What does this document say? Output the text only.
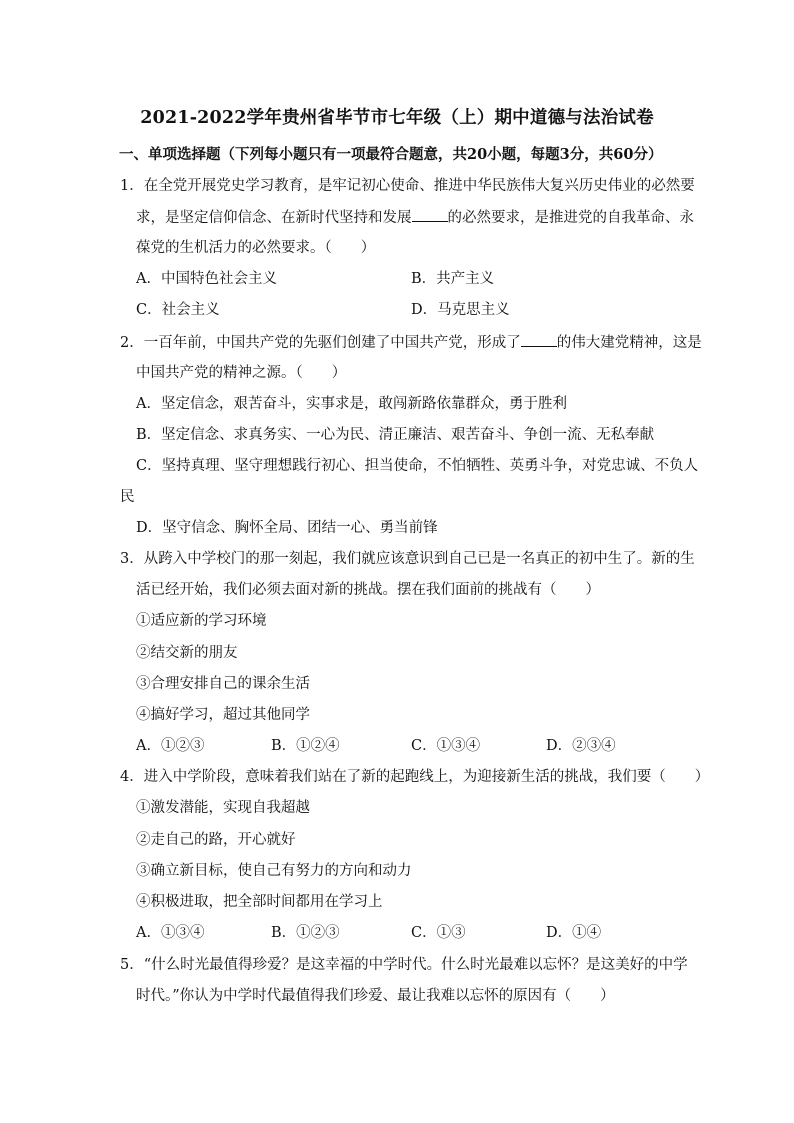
2021-2022学年贵州省毕节市七年级（上）期中道德与法治试卷
一、单项选择题（下列每小题只有一项最符合题意，共20小题，每题3分，共60分）
1．在全党开展党史学习教育，是牢记初心使命、推进中华民族伟大复兴历史伟业的必然要
求，是坚定信仰信念、在新时代坚持和发展 的必然要求，是推进党的自我革命、永
葆党的生机活力的必然要求。（　　）
A．中国特色社会主义	B．共产主义
C．社会主义	D．马克思主义
2．一百年前，中国共产党的先驱们创建了中国共产党，形成了 的伟大建党精神，这是
中国共产党的精神之源。（　　）
A．坚定信念，艰苦奋斗，实事求是，敢闯新路依靠群众，勇于胜利
B．坚定信念、求真务实、一心为民、清正廉洁、艰苦奋斗、争创一流、无私奉献
C．坚持真理、坚守理想践行初心、担当使命，不怕牺牲、英勇斗争，对党忠诚、不负人
民
D．坚守信念、胸怀全局、团结一心、勇当前锋
3．从跨入中学校门的那一刻起，我们就应该意识到自己已是一名真正的初中生了。新的生
活已经开始，我们必须去面对新的挑战。摆在我们面前的挑战有（　　）
①适应新的学习环境
②结交新的朋友
③合理安排自己的课余生活
④搞好学习，超过其他同学
A．①②③	B．①②④	C．①③④	D．②③④
4．进入中学阶段，意味着我们站在了新的起跑线上，为迎接新生活的挑战，我们要（　　）
①激发潜能，实现自我超越
②走自己的路，开心就好
③确立新目标，使自己有努力的方向和动力
④积极进取，把全部时间都用在学习上
A．①③④	B．①②③	C．①③	D．①④
5．“什么时光最值得珍爱？是这幸福的中学时代。什么时光最难以忘怀？是这美好的中学
时代。”你认为中学时代最值得我们珍爱、最让我难以忘怀的原因有（　　）
